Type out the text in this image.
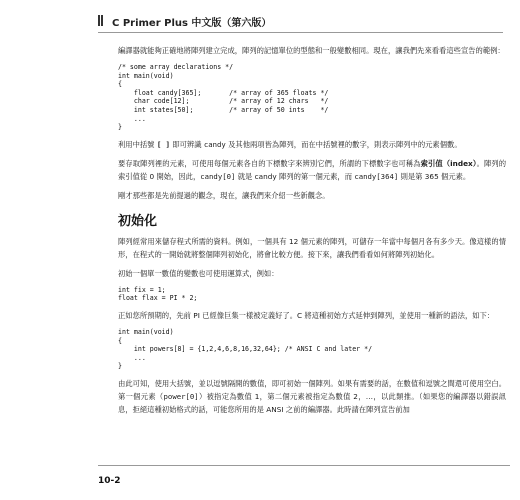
C Primer Plus 中文版（第六版）

編譯器就能夠正確地將陣列建立完成，陣列的記憶單位的型態和一般變數相同。現在，讓我們先來看看這些宣告的範例：

/* some array declarations */
int main(void)
{
float candy[365];       /* array of 365 floats */
char code[12];          /* array of 12 chars   */
int states[50];         /* array of 50 ints    */
...
}

利用中括號 [ ] 即可辨識 candy 及其他兩項皆為陣列，而在中括號裡的數字，則表示陣列中的元素個數。

要存取陣列裡的元素，可使用每個元素各自的下標數字來辨別它們，所謂的下標數字也可稱為索引值（index）。陣列的索引值從 0 開始，因此，candy[0] 就是 candy 陣列的第一個元素，而 candy[364] 則是第 365 個元素。

剛才那些都是先前提過的觀念，現在，讓我們來介紹一些新觀念。

初始化

陣列經常用來儲存程式所需的資料。例如，一個具有 12 個元素的陣列，可儲存一年當中每個月各有多少天。像這樣的情形，在程式的一開始就將整個陣列初始化，將會比較方便。接下來，讓我們看看如何將陣列初始化。

初始一個單一數值的變數也可使用運算式，例如：

int fix = 1;
float flax = PI * 2;

正如您所預期的，先前 PI 已經像巨集一樣被定義好了。C 將這種初始方式延伸到陣列，並使用一種新的語法，如下：

int main(void)
{
int powers[8] = {1,2,4,6,8,16,32,64}; /* ANSI C and later */
...
}

由此可知，使用大括號，並以逗號隔開的數值，即可初始一個陣列。如果有需要的話，在數值和逗號之間還可使用空白。第一個元素（power[0]）被指定為數值 1，第二個元素被指定為數值 2，…，以此類推。（如果您的編譯器以錯誤訊息，拒絕這種初始格式的話，可能您所用的是 ANSI 之前的編譯器。此時請在陣列宣告前加

10-2
